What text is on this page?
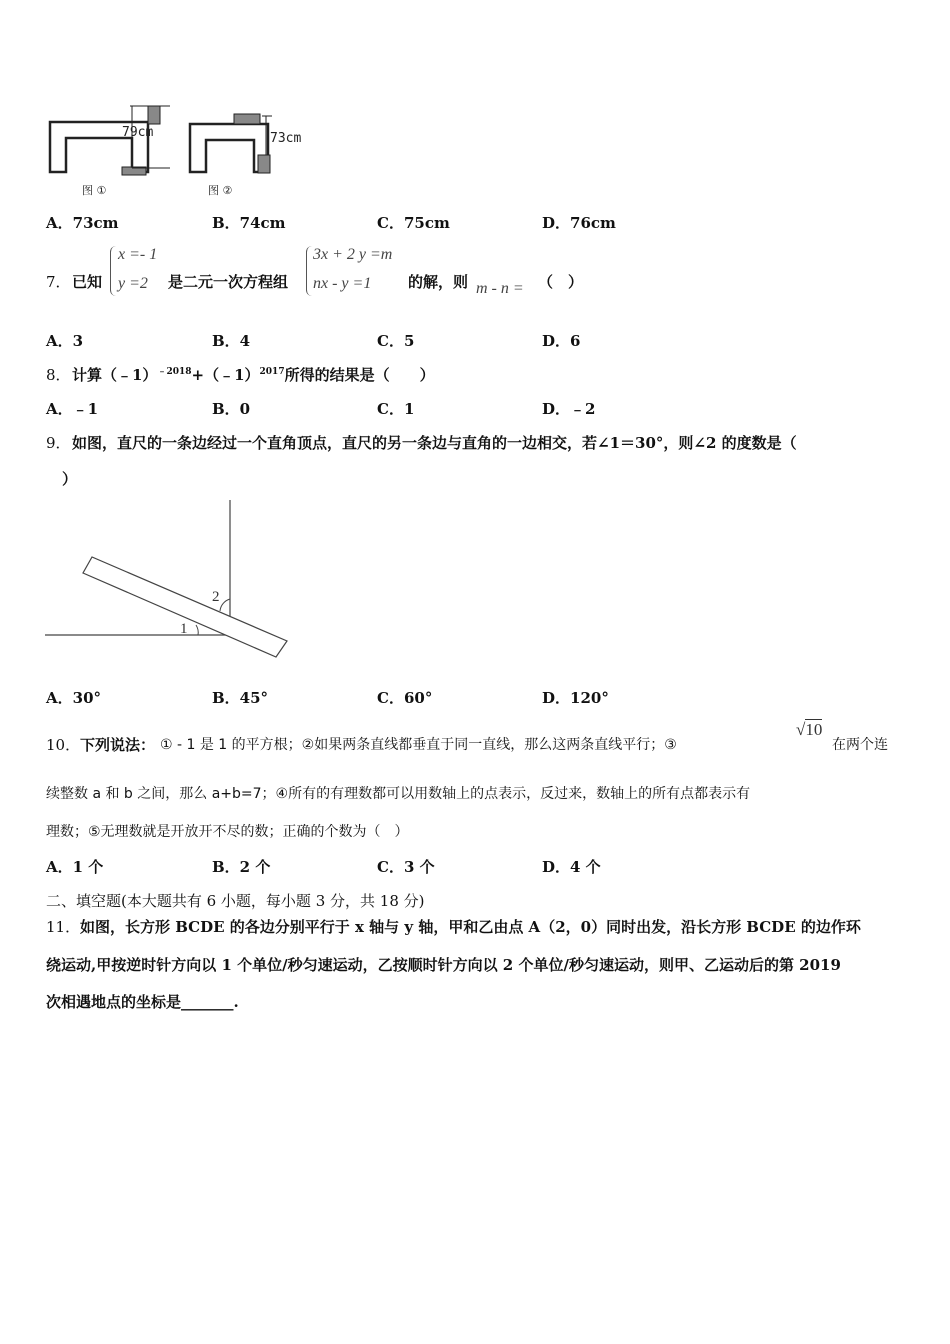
79cm
图 ①
73cm
图 ②
A．73cm	B．74cm	C．75cm	D．76cm
7． 已知
x =- 1
y =2 是二元一次方程组
3x + 2 y =m
nx - y =1 的解，则 m - n = （　）
A．3	B．4	C．5	D．6
8． 计算（﹣1）$^{﹣2018}$+（﹣1）$^{2017}$所得的结果是（　　）
A．﹣1	B．0	C．1	D．﹣2
9． 如图，直尺的一条边经过一个直角顶点，直尺的另一条边与直角的一边相交，若∠1＝30°，则∠2 的度数是（
）
1
2
A．30°	B．45°	C．60°	D．120°
10． 下列说法： ① - 1 是 1 的平方根；②如果两条直线都垂直于同一直线，那么这两条直线平行；③
√10
在两个连
续整数 a 和 b 之间，那么 a+b=7；④所有的有理数都可以用数轴上的点表示，反过来，数轴上的所有点都表示有
理数；⑤无理数就是开放开不尽的数；正确的个数为（　）
A．1 个	B．2 个	C．3 个	D．4 个
二、填空题(本大题共有 6 小题，每小题 3 分，共 18 分)
11． 如图，长方形 BCDE 的各边分别平行于 x 轴与 y 轴，甲和乙由点 A（2，0）同时出发，沿长方形 BCDE 的边作环
绕运动,甲按逆时针方向以 1 个单位/秒匀速运动，乙按顺时针方向以 2 个单位/秒匀速运动，则甲、乙运动后的第 2019
次相遇地点的坐标是_______.
